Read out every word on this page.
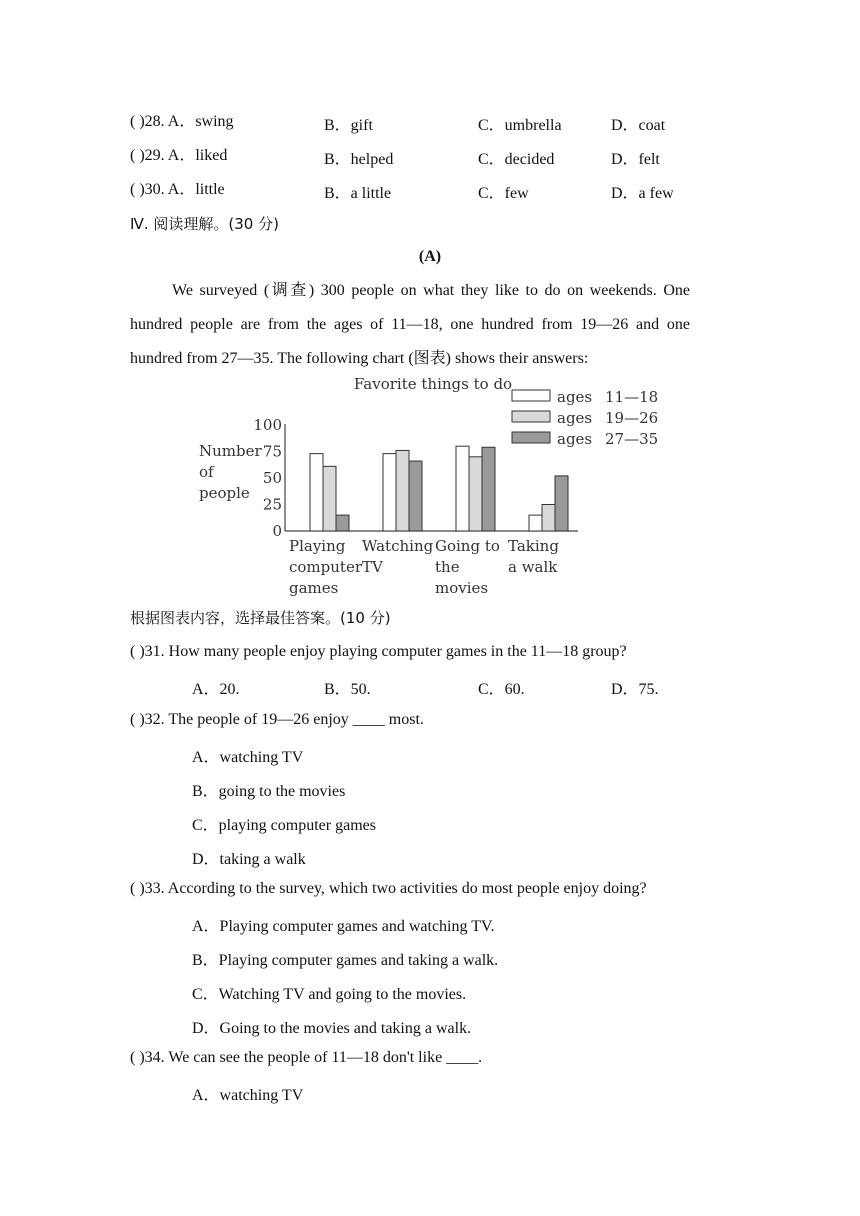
( )28. A．swing	B．gift	C．umbrella	D．coat
( )29. A．liked	B．helped	C．decided	D．felt
( )30. A．little	B．a little	C．few	D．a few
Ⅳ. 阅读理解。(30 分)
(A)
We surveyed (调查) 300 people on what they like to do on weekends. One hundred people are from the ages of 11—18, one hundred from 19—26 and one hundred from 27—35. The following chart (图表) shows their answers:
Favorite things to do
Number
of
people
100
75
50
25
0
Playing
computer
games
Watching
TV
Going to
the
movies
Taking
a walk
ages 11—18
ages 19—26
ages 27—35
根据图表内容，选择最佳答案。(10 分)
( )31. How many people enjoy playing computer games in the 11—18 group?
A．20.	B．50.	C．60.	D．75.
( )32. The people of 19—26 enjoy ____ most.
A．watching TV
B．going to the movies
C．playing computer games
D．taking a walk
( )33. According to the survey, which two activities do most people enjoy doing?
A．Playing computer games and watching TV.
B．Playing computer games and taking a walk.
C．Watching TV and going to the movies.
D．Going to the movies and taking a walk.
( )34. We can see the people of 11—18 don't like ____.
A．watching TV
